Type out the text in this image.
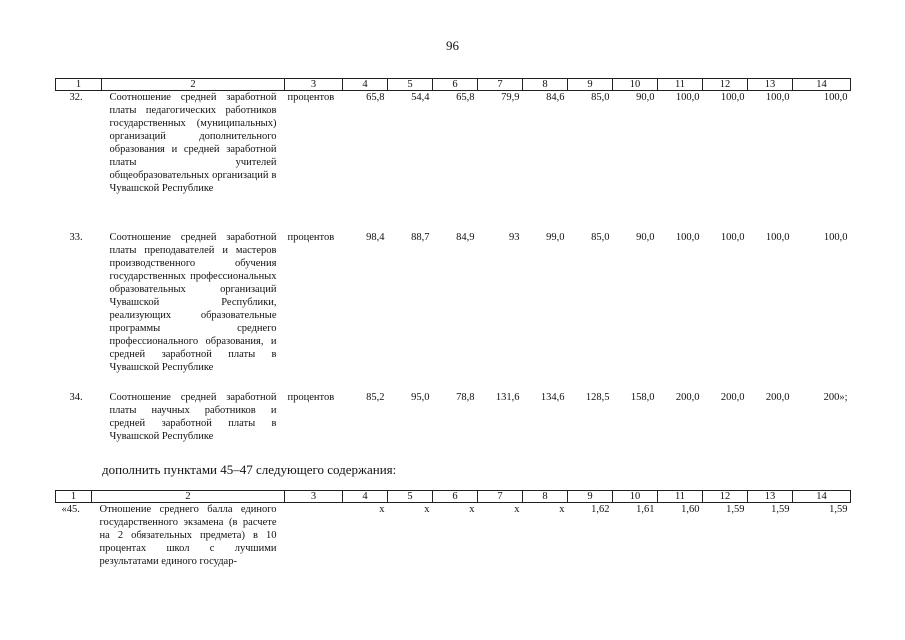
96
1	2	3	4	5	6	7	8	9	10	11	12	13	14
32.	Соотношение средней заработной платы педагогических работников государственных (муниципальных) организаций дополнительного образования и средней заработной платы учителей общеобразовательных организаций в Чувашской Республике	процентов	65,8	54,4	65,8	79,9	84,6	85,0	90,0	100,0	100,0	100,0	100,0
33.	Соотношение средней заработной платы преподавателей и мастеров производственного обучения государственных профессиональных образовательных организаций Чувашской Республики, реализующих образовательные программы среднего профессионального образования, и средней заработной платы в Чувашской Республике	процентов	98,4	88,7	84,9	93	99,0	85,0	90,0	100,0	100,0	100,0	100,0
34.	Соотношение средней заработной платы научных работников и средней заработной платы в Чувашской Республике	процентов	85,2	95,0	78,8	131,6	134,6	128,5	158,0	200,0	200,0	200,0	200»;
дополнить пунктами 45–47 следующего содержания:
1	2	3	4	5	6	7	8	9	10	11	12	13	14
«45.	Отношение среднего балла единого государственного экзамена (в расчете на 2 обязательных предмета) в 10 процентах школ с лучшими результатами единого государ-		х	х	х	х	х	1,62	1,61	1,60	1,59	1,59	1,59
